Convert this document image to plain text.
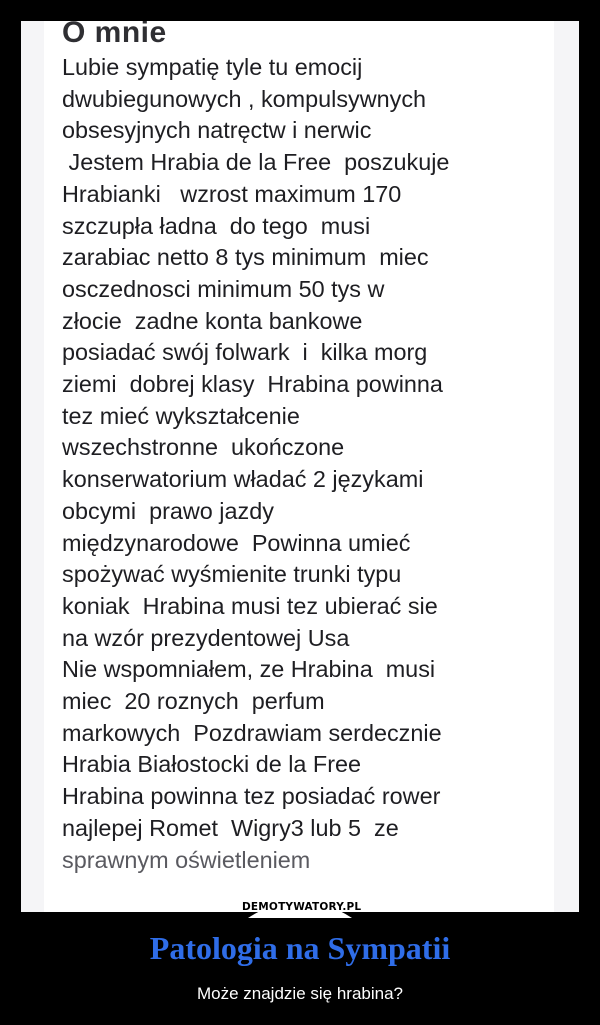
O mnie
Lubie sympatię tyle tu emocij
dwubiegunowych , kompulsywnych
obsesyjnych natręctw i nerwic
Jestem Hrabia de la Free  poszukuje
Hrabianki   wzrost maximum 170
szczupła ładna  do tego  musi
zarabiac netto 8 tys minimum  miec
osczednosci minimum 50 tys w
złocie  zadne konta bankowe
posiadać swój folwark  i  kilka morg
ziemi  dobrej klasy  Hrabina powinna
tez mieć wykształcenie
wszechstronne  ukończone
konserwatorium władać 2 językami
obcymi  prawo jazdy
międzynarodowe  Powinna umieć
spożywać wyśmienite trunki typu
koniak  Hrabina musi tez ubierać sie
na wzór prezydentowej Usa
Nie wspomniałem, ze Hrabina  musi
miec  20 roznych  perfum
markowych  Pozdrawiam serdecznie
Hrabia Białostocki de la Free
Hrabina powinna tez posiadać rower
najlepej Romet  Wigry3 lub 5  ze
sprawnym oświetleniem
DEMOTYWATORY.PL
Patologia na Sympatii
Może znajdzie się hrabina?
